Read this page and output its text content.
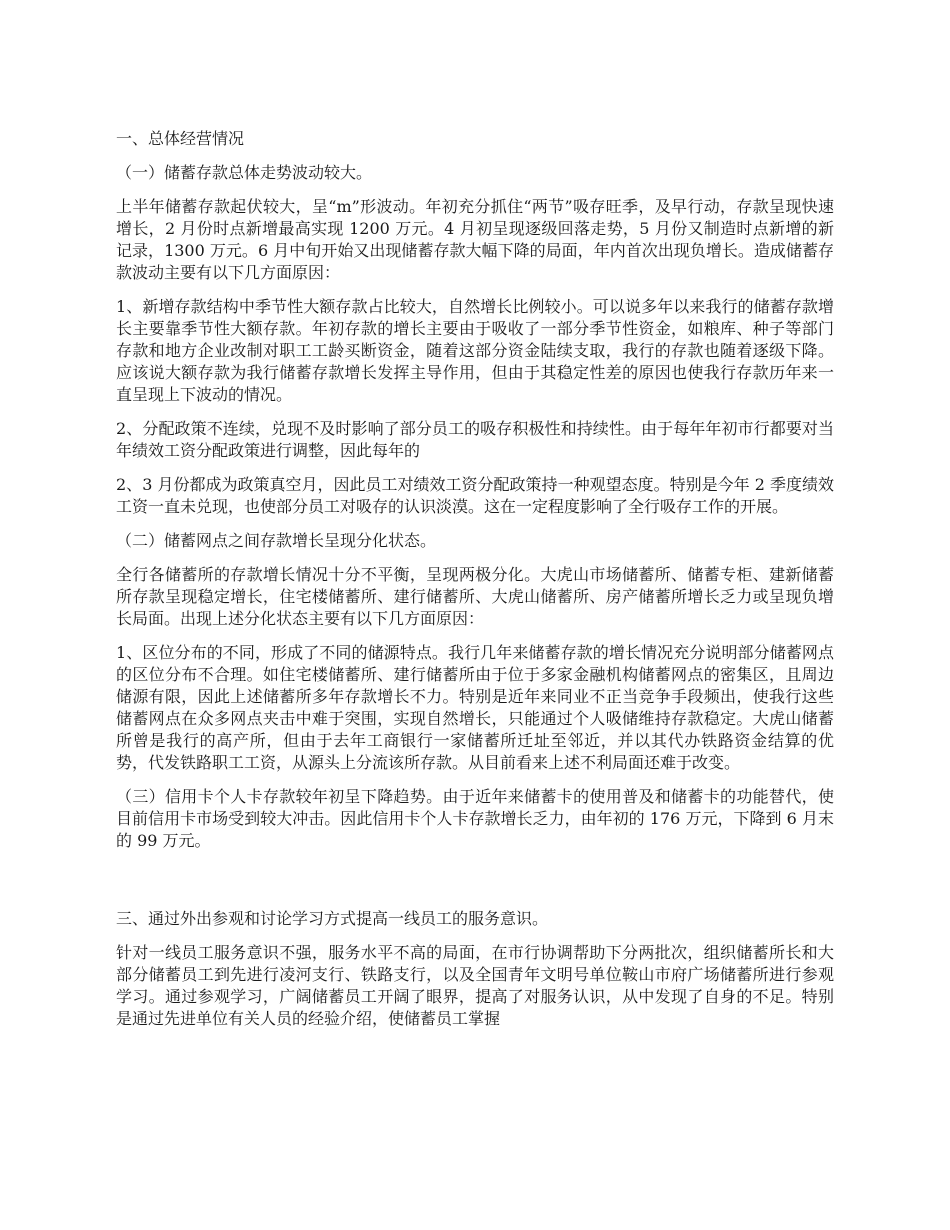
一、总体经营情况

（一）储蓄存款总体走势波动较大。

上半年储蓄存款起伏较大，呈“m”形波动。年初充分抓住“两节”吸存旺季，及早行动，存款呈现快速增长，2 月份时点新增最高实现 1200 万元。4 月初呈现逐级回落走势，5 月份又制造时点新增的新记录，1300 万元。6 月中旬开始又出现储蓄存款大幅下降的局面，年内首次出现负增长。造成储蓄存款波动主要有以下几方面原因：

1、新增存款结构中季节性大额存款占比较大，自然增长比例较小。可以说多年以来我行的储蓄存款增长主要靠季节性大额存款。年初存款的增长主要由于吸收了一部分季节性资金，如粮库、种子等部门存款和地方企业改制对职工工龄买断资金，随着这部分资金陆续支取，我行的存款也随着逐级下降。应该说大额存款为我行储蓄存款增长发挥主导作用，但由于其稳定性差的原因也使我行存款历年来一直呈现上下波动的情况。

2、分配政策不连续，兑现不及时影响了部分员工的吸存积极性和持续性。由于每年年初市行都要对当年绩效工资分配政策进行调整，因此每年的

2、3 月份都成为政策真空月，因此员工对绩效工资分配政策持一种观望态度。特别是今年 2 季度绩效工资一直未兑现，也使部分员工对吸存的认识淡漠。这在一定程度影响了全行吸存工作的开展。

（二）储蓄网点之间存款增长呈现分化状态。

全行各储蓄所的存款增长情况十分不平衡，呈现两极分化。大虎山市场储蓄所、储蓄专柜、建新储蓄所存款呈现稳定增长，住宅楼储蓄所、建行储蓄所、大虎山储蓄所、房产储蓄所增长乏力或呈现负增长局面。出现上述分化状态主要有以下几方面原因：

1、区位分布的不同，形成了不同的储源特点。我行几年来储蓄存款的增长情况充分说明部分储蓄网点的区位分布不合理。如住宅楼储蓄所、建行储蓄所由于位于多家金融机构储蓄网点的密集区，且周边储源有限，因此上述储蓄所多年存款增长不力。特别是近年来同业不正当竞争手段频出，使我行这些储蓄网点在众多网点夹击中难于突围，实现自然增长，只能通过个人吸储维持存款稳定。大虎山储蓄所曾是我行的高产所，但由于去年工商银行一家储蓄所迁址至邻近，并以其代办铁路资金结算的优势，代发铁路职工工资，从源头上分流该所存款。从目前看来上述不利局面还难于改变。

（三）信用卡个人卡存款较年初呈下降趋势。由于近年来储蓄卡的使用普及和储蓄卡的功能替代，使目前信用卡市场受到较大冲击。因此信用卡个人卡存款增长乏力，由年初的 176 万元，下降到 6 月末的 99 万元。

三、通过外出参观和讨论学习方式提高一线员工的服务意识。

针对一线员工服务意识不强，服务水平不高的局面，在市行协调帮助下分两批次，组织储蓄所长和大部分储蓄员工到先进行凌河支行、铁路支行，以及全国青年文明号单位鞍山市府广场储蓄所进行参观学习。通过参观学习，广阔储蓄员工开阔了眼界，提高了对服务认识，从中发现了自身的不足。特别是通过先进单位有关人员的经验介绍，使储蓄员工掌握
